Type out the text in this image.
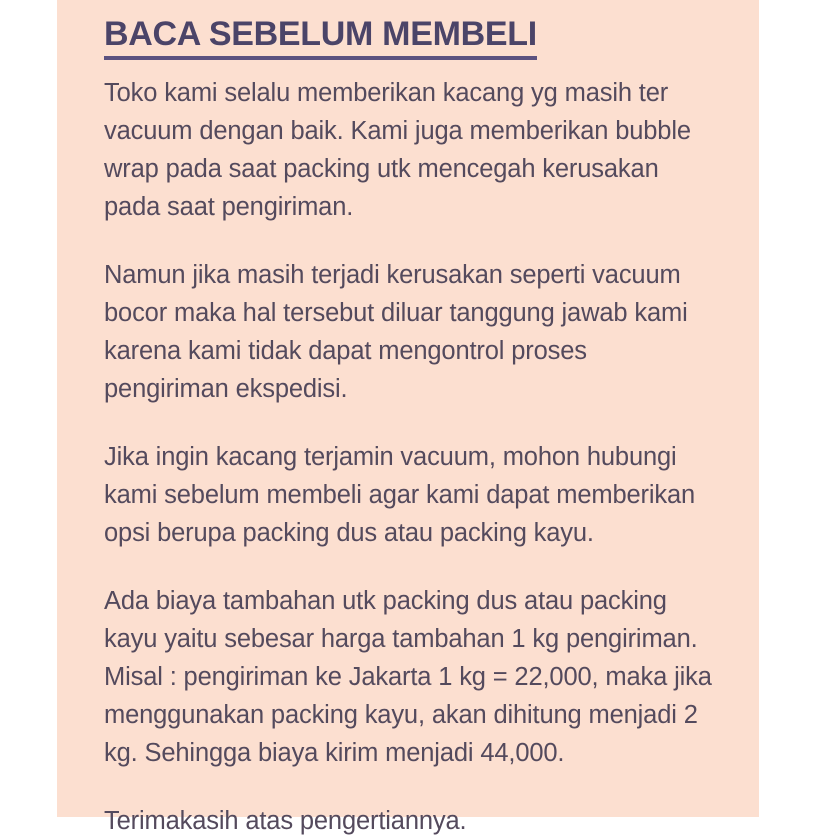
BACA SEBELUM MEMBELI

Toko kami selalu memberikan kacang yg masih ter vacuum dengan baik. Kami juga memberikan bubble wrap pada saat packing utk mencegah kerusakan pada saat pengiriman.

Namun jika masih terjadi kerusakan seperti vacuum bocor maka hal tersebut diluar tanggung jawab kami karena kami tidak dapat mengontrol proses pengiriman ekspedisi.

Jika ingin kacang terjamin vacuum, mohon hubungi kami sebelum membeli agar kami dapat memberikan opsi berupa packing dus atau packing kayu.

Ada biaya tambahan utk packing dus atau packing kayu yaitu sebesar harga tambahan 1 kg pengiriman. Misal : pengiriman ke Jakarta 1 kg = 22,000, maka jika menggunakan packing kayu, akan dihitung menjadi 2 kg. Sehingga biaya kirim menjadi 44,000.

Terimakasih atas pengertiannya.
